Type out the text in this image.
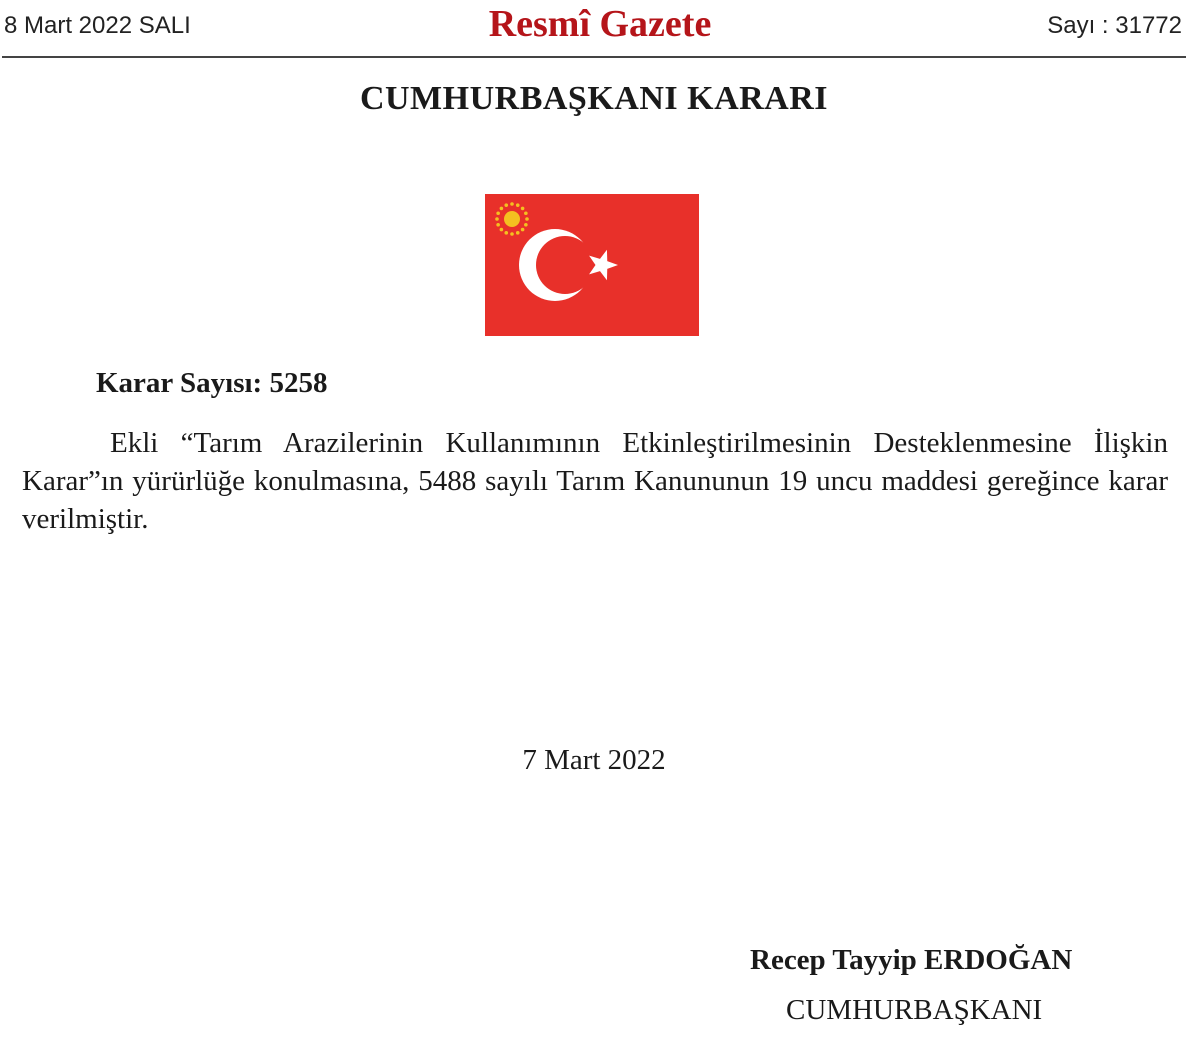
8 Mart 2022 SALI	Resmî Gazete	Sayı : 31772
CUMHURBAŞKANI KARARI
Karar Sayısı: 5258
Ekli “Tarım Arazilerinin Kullanımının Etkinleştirilmesinin Desteklenmesine İlişkin Karar”ın yürürlüğe konulmasına, 5488 sayılı Tarım Kanununun 19 uncu maddesi gereğince karar verilmiştir.
7 Mart 2022
Recep Tayyip ERDOĞAN
CUMHURBAŞKANI
